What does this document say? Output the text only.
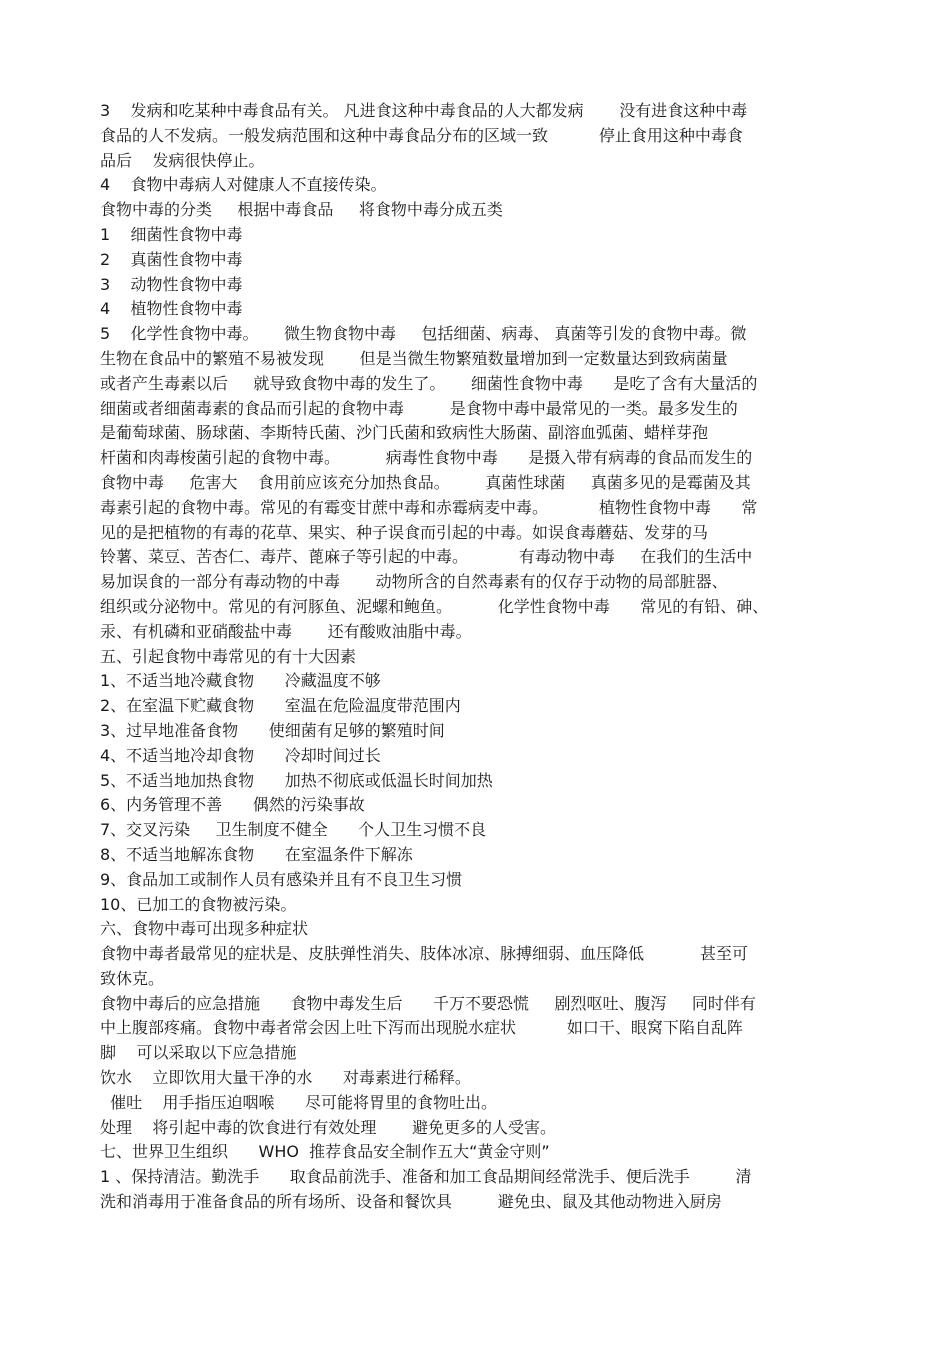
3    发病和吃某种中毒食品有关。 凡进食这种中毒食品的人大都发病       没有进食这种中毒
食品的人不发病。一般发病范围和这种中毒食品分布的区域一致          停止食用这种中毒食
品后    发病很快停止。
4    食物中毒病人对健康人不直接传染。
食物中毒的分类     根据中毒食品     将食物中毒分成五类
1    细菌性食物中毒
2    真菌性食物中毒
3    动物性食物中毒
4    植物性食物中毒
5    化学性食物中毒。     微生物食物中毒     包括细菌、病毒、 真菌等引发的食物中毒。微
生物在食品中的繁殖不易被发现       但是当微生物繁殖数量增加到一定数量达到致病菌量
或者产生毒素以后     就导致食物中毒的发生了。     细菌性食物中毒      是吃了含有大量活的
细菌或者细菌毒素的食品而引起的食物中毒         是食物中毒中最常见的一类。最多发生的
是葡萄球菌、肠球菌、李斯特氏菌、沙门氏菌和致病性大肠菌、副溶血弧菌、蜡样芽孢
杆菌和肉毒梭菌引起的食物中毒。         病毒性食物中毒      是摄入带有病毒的食品而发生的
食物中毒     危害大    食用前应该充分加热食品。       真菌性球菌     真菌多见的是霉菌及其
毒素引起的食物中毒。常见的有霉变甘蔗中毒和赤霉病麦中毒。          植物性食物中毒      常
见的是把植物的有毒的花草、果实、种子误食而引起的中毒。如误食毒蘑菇、发芽的马
铃薯、菜豆、苦杏仁、毒芹、蓖麻子等引起的中毒。          有毒动物中毒     在我们的生活中
易加误食的一部分有毒动物的中毒       动物所含的自然毒素有的仅存于动物的局部脏器、
组织或分泌物中。常见的有河豚鱼、泥螺和鲍鱼。         化学性食物中毒      常见的有铅、砷、
汞、有机磷和亚硝酸盐中毒       还有酸败油脂中毒。
五、引起食物中毒常见的有十大因素
1、不适当地冷藏食物      冷藏温度不够
2、在室温下贮藏食物      室温在危险温度带范围内
3、过早地准备食物      使细菌有足够的繁殖时间
4、不适当地冷却食物      冷却时间过长
5、不适当地加热食物      加热不彻底或低温长时间加热
6、内务管理不善      偶然的污染事故
7、交叉污染     卫生制度不健全      个人卫生习惯不良
8、不适当地解冻食物      在室温条件下解冻
9、食品加工或制作人员有感染并且有不良卫生习惯
10、已加工的食物被污染。
六、食物中毒可出现多种症状
食物中毒者最常见的症状是、皮肤弹性消失、肢体冰凉、脉搏细弱、血压降低           甚至可
致休克。
食物中毒后的应急措施      食物中毒发生后      千万不要恐慌     剧烈呕吐、腹泻     同时伴有
中上腹部疼痛。食物中毒者常会因上吐下泻而出现脱水症状          如口干、眼窝下陷自乱阵
脚    可以采取以下应急措施
饮水    立即饮用大量干净的水      对毒素进行稀释。
催吐    用手指压迫咽喉      尽可能将胃里的食物吐出。
处理    将引起中毒的饮食进行有效处理       避免更多的人受害。
七、世界卫生组织      WHO  推荐食品安全制作五大“黄金守则”
1 、保持清洁。勤洗手      取食品前洗手、准备和加工食品期间经常洗手、便后洗手         清
洗和消毒用于准备食品的所有场所、设备和餐饮具         避免虫、鼠及其他动物进入厨房
